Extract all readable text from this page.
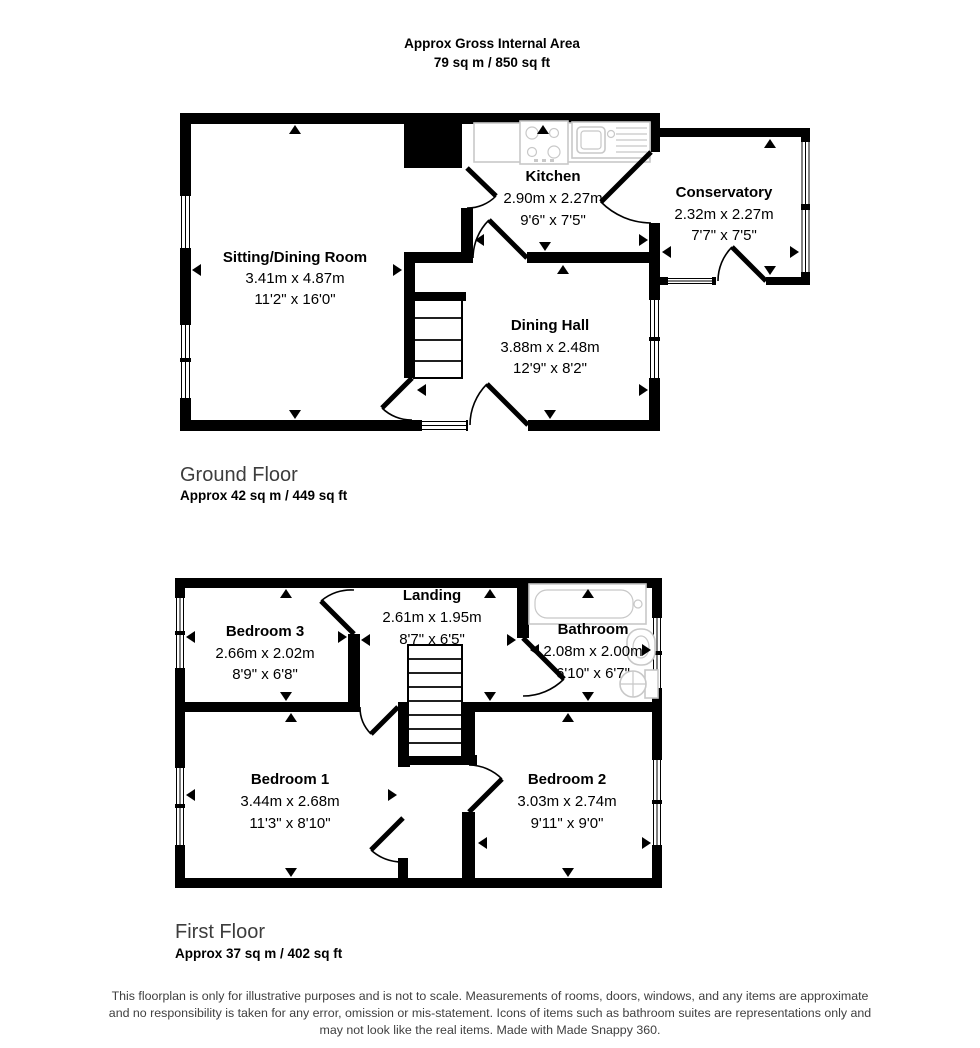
Approx Gross Internal Area
79 sq m / 850 sq ft
Sitting/Dining Room
3.41m x 4.87m
11'2" x 16'0"
Kitchen
2.90m x 2.27m
9'6" x 7'5"
Conservatory
2.32m x 2.27m
7'7" x 7'5"
Dining Hall
3.88m x 2.48m
12'9" x 8'2"
Ground Floor
Approx 42 sq m / 449 sq ft
Bedroom 3
2.66m x 2.02m
8'9" x 6'8"
Landing
2.61m x 1.95m
8'7" x 6'5"
Bathroom
2.08m x 2.00m
6'10" x 6'7"
Bedroom 1
3.44m x 2.68m
11'3" x 8'10"
Bedroom 2
3.03m x 2.74m
9'11" x 9'0"
First Floor
Approx 37 sq m / 402 sq ft
This floorplan is only for illustrative purposes and is not to scale. Measurements of rooms, doors, windows, and any items are approximate
and no responsibility is taken for any error, omission or mis-statement. Icons of items such as bathroom suites are representations only and
may not look like the real items. Made with Made Snappy 360.
